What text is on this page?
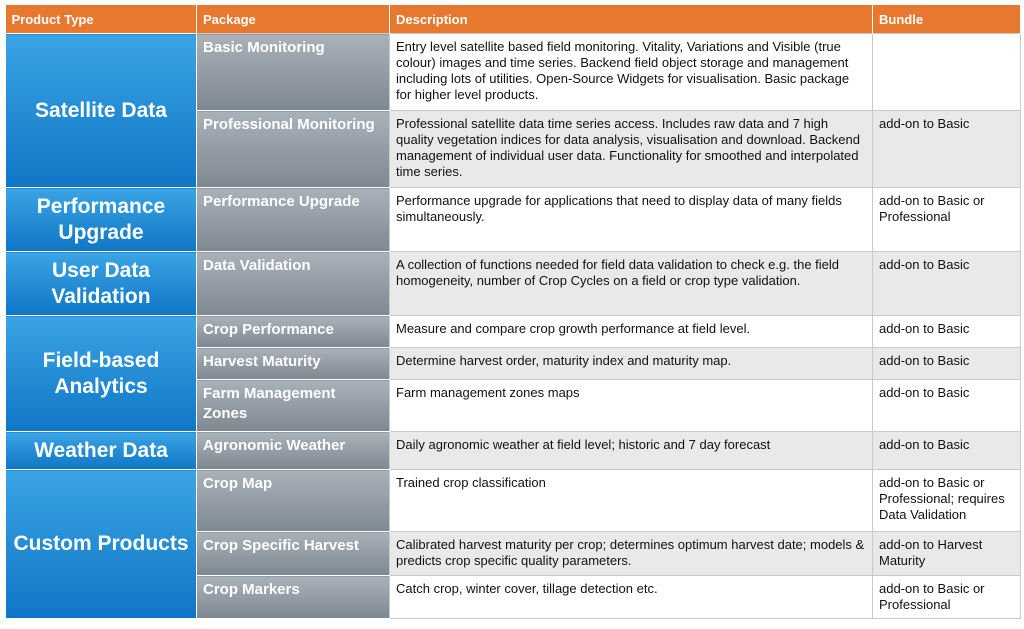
Product Type	Package	Description	Bundle
Satellite Data	Basic Monitoring	Entry level satellite based field monitoring. Vitality, Variations and Visible (true colour) images and time series. Backend field object storage and management including lots of utilities. Open-Source Widgets for visualisation. Basic package for higher level products.	
	Professional Monitoring	Professional satellite data time series access. Includes raw data and 7 high quality vegetation indices for data analysis, visualisation and download. Backend management of individual user data. Functionality for smoothed and interpolated time series.	add-on to Basic
Performance Upgrade	Performance Upgrade	Performance upgrade for applications that need to display data of many fields simultaneously.	add-on to Basic or Professional
User Data Validation	Data Validation	A collection of functions needed for field data validation to check e.g. the field homogeneity, number of Crop Cycles on a field or crop type validation.	add-on to Basic
Field-based Analytics	Crop Performance	Measure and compare crop growth performance at field level.	add-on to Basic
	Harvest Maturity	Determine harvest order, maturity index and maturity map.	add-on to Basic
	Farm Management Zones	Farm management zones maps	add-on to Basic
Weather Data	Agronomic Weather	Daily agronomic weather at field level; historic and 7 day forecast	add-on to Basic
Custom Products	Crop Map	Trained crop classification	add-on to Basic or Professional; requires Data Validation
	Crop Specific Harvest	Calibrated harvest maturity per crop; determines optimum harvest date; models & predicts crop specific quality parameters.	add-on to Harvest Maturity
	Crop Markers	Catch crop, winter cover, tillage detection etc.	add-on to Basic or Professional
